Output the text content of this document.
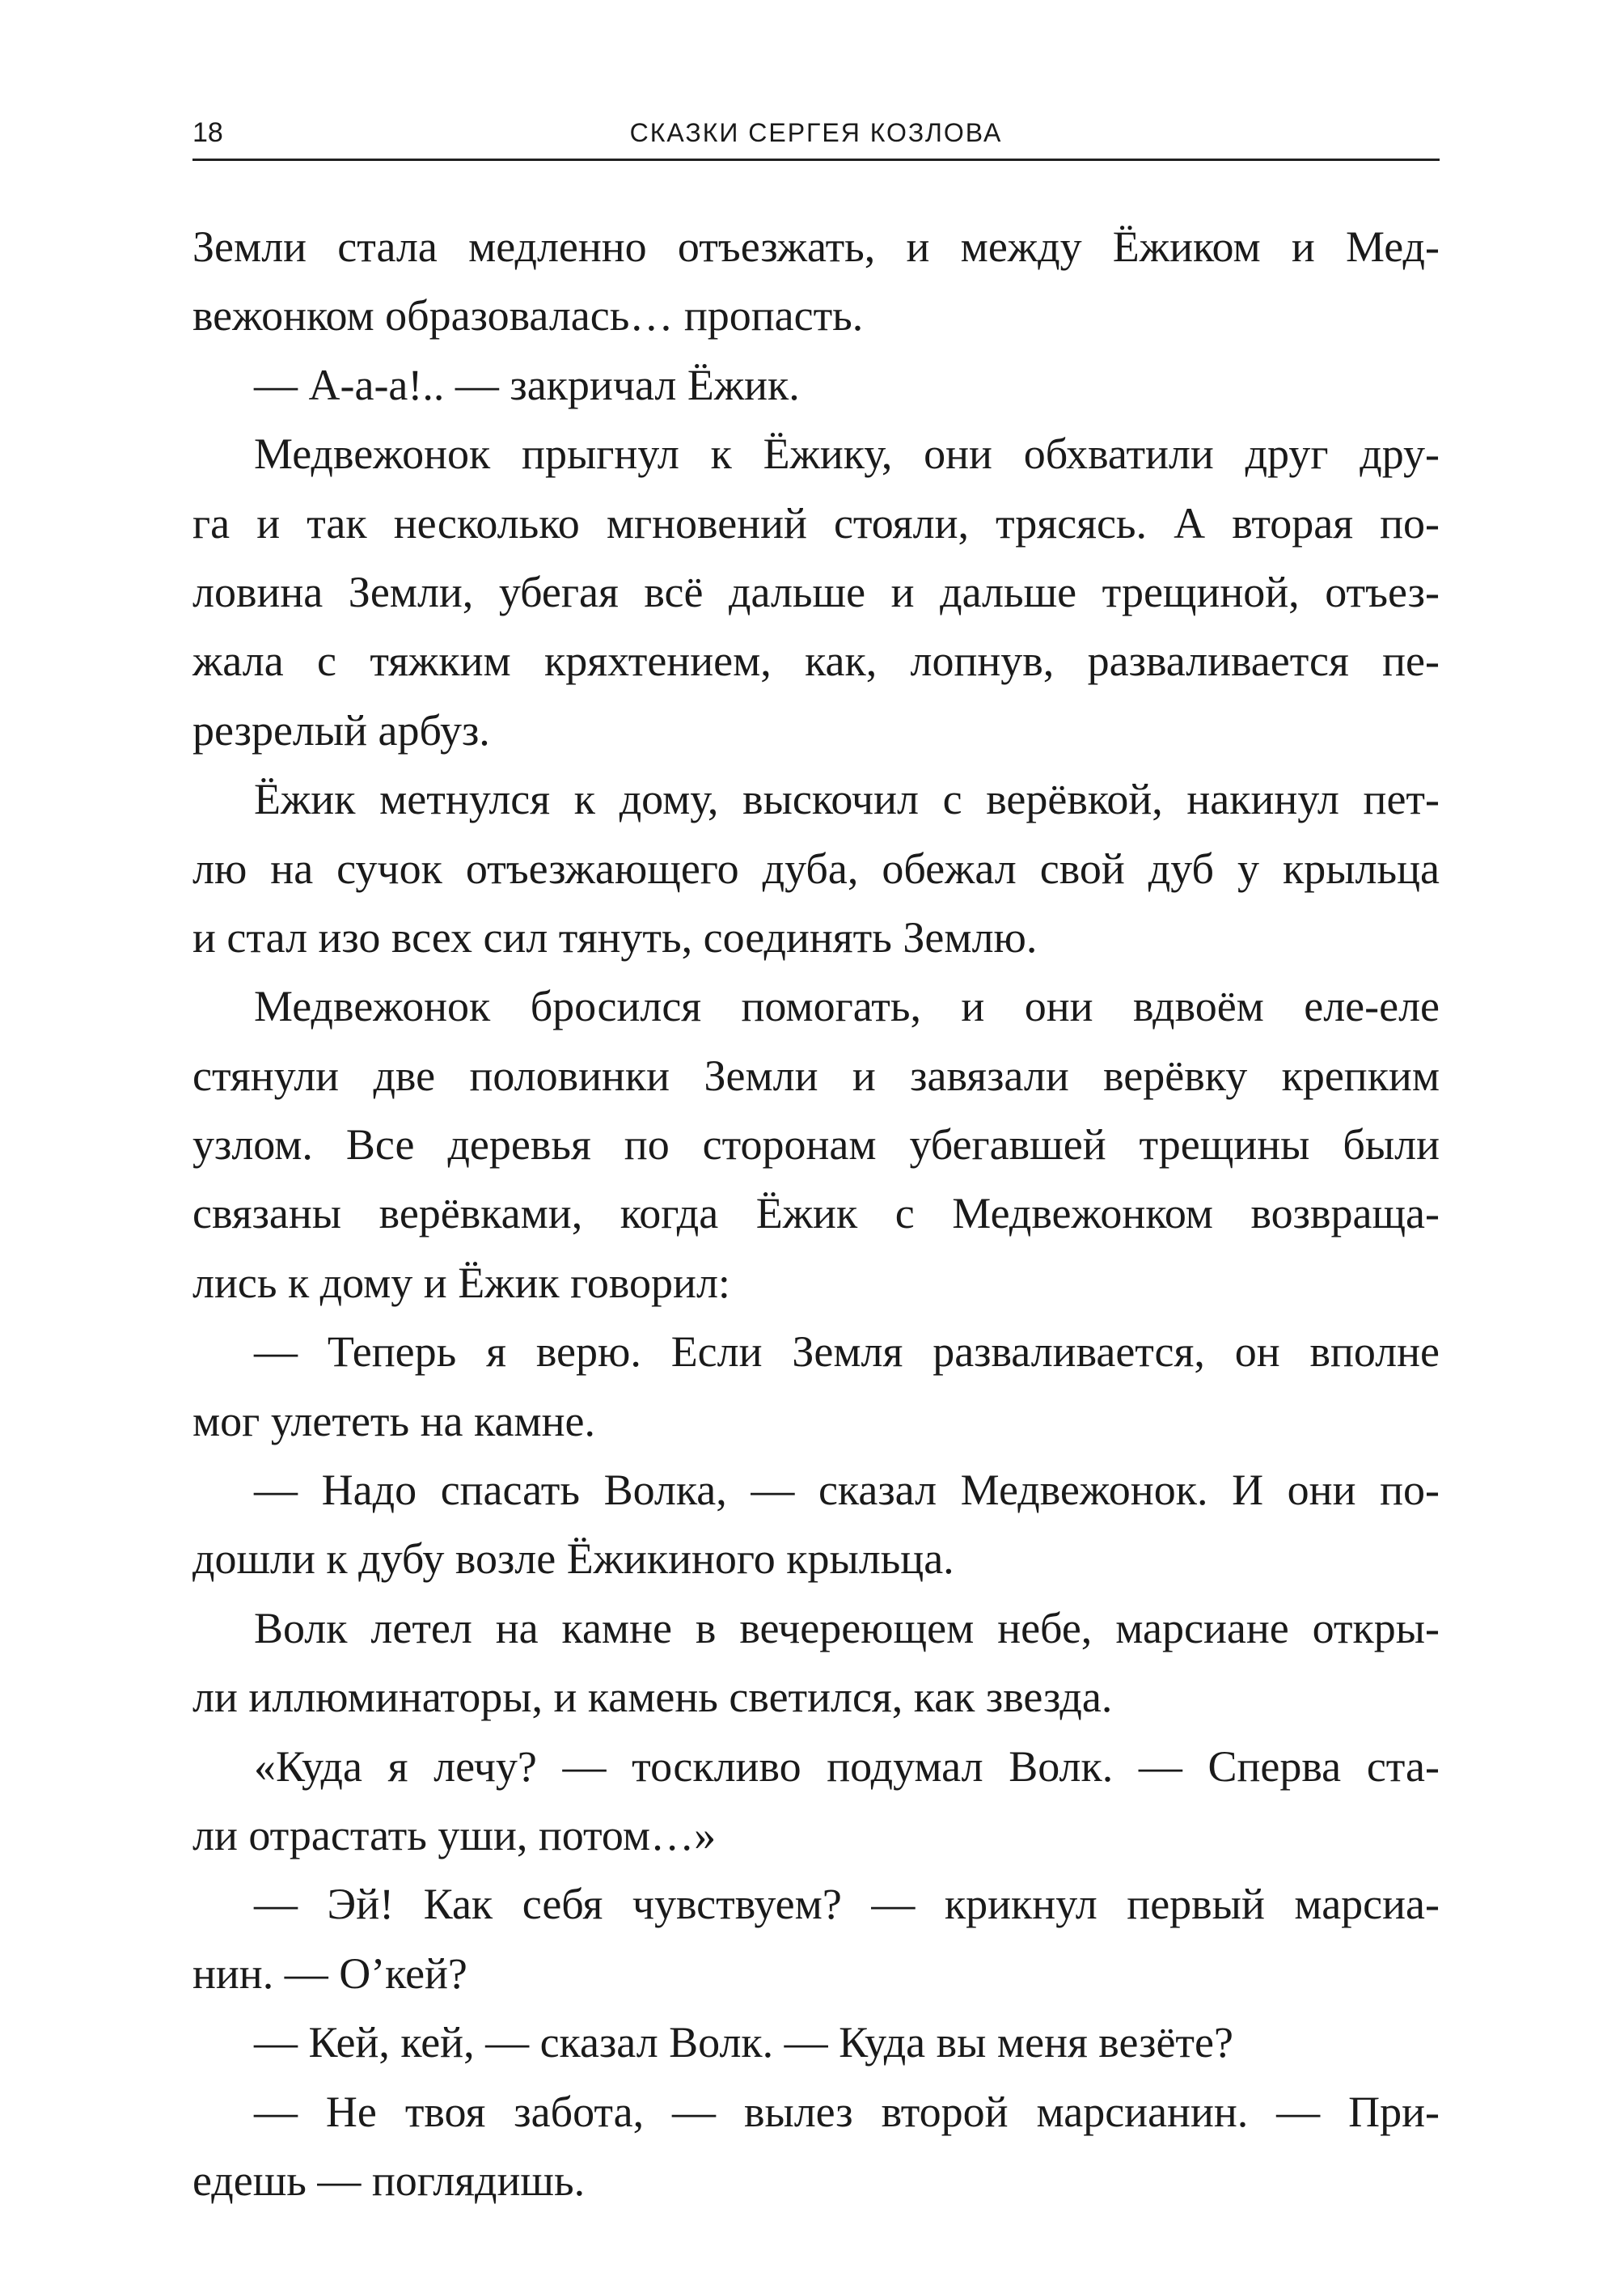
18	СКАЗКИ СЕРГЕЯ КОЗЛОВА
Земли стала медленно отъезжать, и между Ёжиком и Мед-
вежонком образовалась… пропасть.
— А-а-а!.. — закричал Ёжик.
Медвежонок прыгнул к Ёжику, они обхватили друг дру-
га и так несколько мгновений стояли, трясясь. А вторая по-
ловина Земли, убегая всё дальше и дальше трещиной, отъез-
жала с тяжким кряхтением, как, лопнув, разваливается пе-
резрелый арбуз.
Ёжик метнулся к дому, выскочил с верёвкой, накинул пет-
лю на сучок отъезжающего дуба, обежал свой дуб у крыльца
и стал изо всех сил тянуть, соединять Землю.
Медвежонок бросился помогать, и они вдвоём еле-еле
стянули две половинки Земли и завязали верёвку крепким
узлом. Все деревья по сторонам убегавшей трещины были
связаны верёвками, когда Ёжик с Медвежонком возвраща-
лись к дому и Ёжик говорил:
— Теперь я верю. Если Земля разваливается, он вполне
мог улететь на камне.
— Надо спасать Волка, — сказал Медвежонок. И они по-
дошли к дубу возле Ёжикиного крыльца.
Волк летел на камне в вечереющем небе, марсиане откры-
ли иллюминаторы, и камень светился, как звезда.
«Куда я лечу? — тоскливо подумал Волк. — Сперва ста-
ли отрастать уши, потом…»
— Эй! Как себя чувствуем? — крикнул первый марсиа-
нин. — О’кей?
— Кей, кей, — сказал Волк. — Куда вы меня везёте?
— Не твоя забота, — вылез второй марсианин. — При-
едешь — поглядишь.
